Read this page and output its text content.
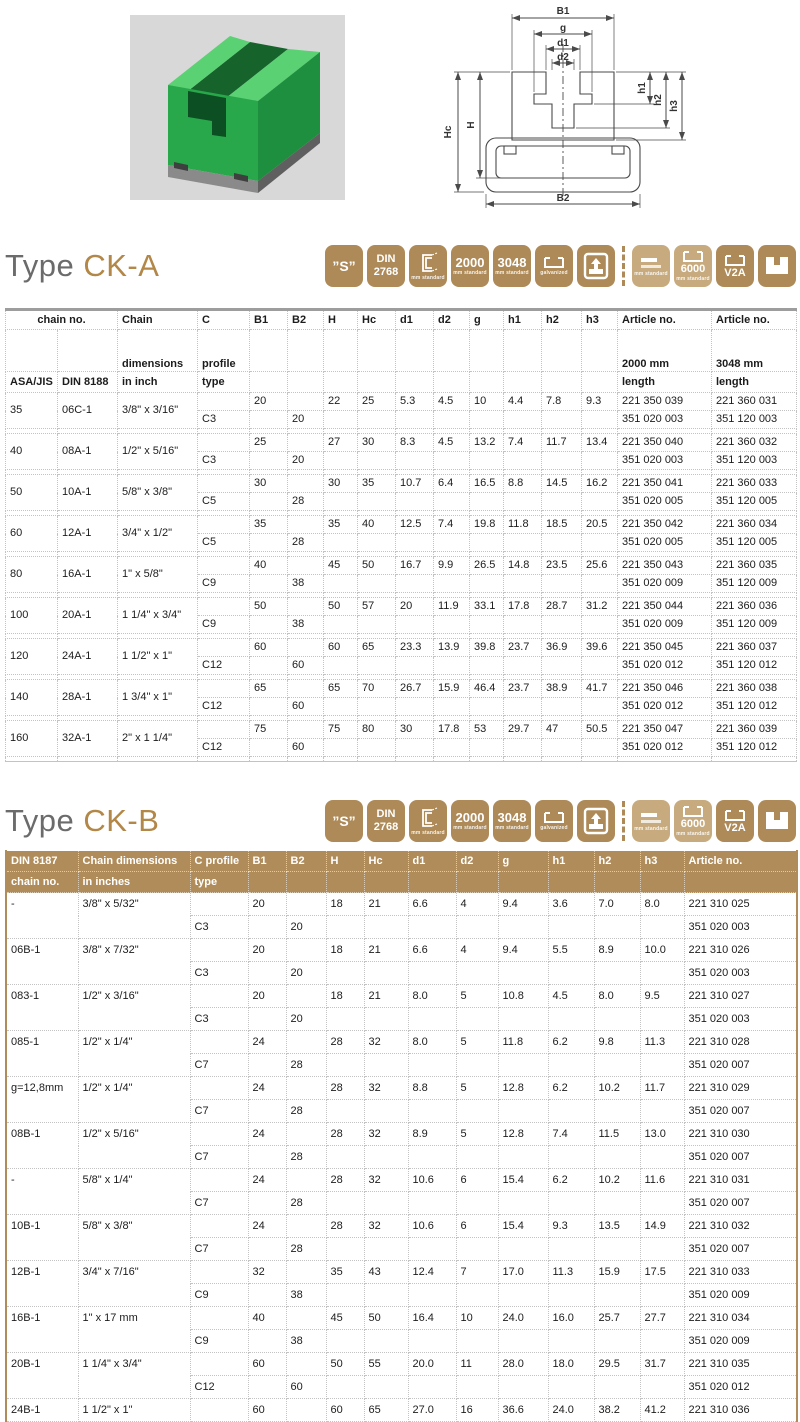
B1
g
d1
d2
Hc
H
h1
h2
h3
B2
Type CK-A	”S” DIN
2768	mm standard
2000
mm standard
3048
mm standard galvanized	mm standard 6000
mm standard
V2A
chain no.		Chain	C	B1	B2	H	Hc	d1	d2	g	h1	h2	h3	Article no.	Article no.
		dimensions	profile											2000 mm	3048 mm
ASA/JIS	DIN 8188	in inch	type											length	length
35	06C-1	3/8" x 3/16"		20		22	25	5.3	4.5	10	4.4	7.8	9.3	221 350 039	221 360 031
			C3		20									351 020 003	351 120 003

40	08A-1	1/2" x 5/16"		25		27	30	8.3	4.5	13.2	7.4	11.7	13.4	221 350 040	221 360 032
			C3		20									351 020 003	351 120 003

50	10A-1	5/8" x 3/8"		30		30	35	10.7	6.4	16.5	8.8	14.5	16.2	221 350 041	221 360 033
			C5		28									351 020 005	351 120 005

60	12A-1	3/4" x 1/2"		35		35	40	12.5	7.4	19.8	11.8	18.5	20.5	221 350 042	221 360 034
			C5		28									351 020 005	351 120 005

80	16A-1	1" x 5/8"		40		45	50	16.7	9.9	26.5	14.8	23.5	25.6	221 350 043	221 360 035
			C9		38									351 020 009	351 120 009

100	20A-1	1 1/4" x 3/4"		50		50	57	20	11.9	33.1	17.8	28.7	31.2	221 350 044	221 360 036
			C9		38									351 020 009	351 120 009

120	24A-1	1 1/2" x 1"		60		60	65	23.3	13.9	39.8	23.7	36.9	39.6	221 350 045	221 360 037
			C12		60									351 020 012	351 120 012

140	28A-1	1 3/4" x 1"		65		65	70	26.7	15.9	46.4	23.7	38.9	41.7	221 350 046	221 360 038
			C12		60									351 020 012	351 120 012

160	32A-1	2" x 1 1/4"		75		75	80	30	17.8	53	29.7	47	50.5	221 350 047	221 360 039
			C12		60									351 020 012	351 120 012

Type CK-B	”S” DIN
2768	mm standard
2000
mm standard
3048
mm standard galvanized	mm standard 6000
mm standard
V2A
DIN 8187	Chain dimensions	C profile	B1	B2	H	Hc	d1	d2	g	h1	h2	h3	Article no.
chain no.	in inches	type											
-	3/8" x 5/32"		20		18	21	6.6	4	9.4	3.6	7.0	8.0	221 310 025
		C3		20									351 020 003
06B-1	3/8" x 7/32"		20		18	21	6.6	4	9.4	5.5	8.9	10.0	221 310 026
		C3		20									351 020 003
083-1	1/2" x 3/16"		20		18	21	8.0	5	10.8	4.5	8.0	9.5	221 310 027
		C3		20									351 020 003
085-1	1/2" x 1/4"		24		28	32	8.0	5	11.8	6.2	9.8	11.3	221 310 028
		C7		28									351 020 007
g=12,8mm	1/2" x 1/4"		24		28	32	8.8	5	12.8	6.2	10.2	11.7	221 310 029
		C7		28									351 020 007
08B-1	1/2" x 5/16"		24		28	32	8.9	5	12.8	7.4	11.5	13.0	221 310 030
		C7		28									351 020 007
-	5/8" x 1/4"		24		28	32	10.6	6	15.4	6.2	10.2	11.6	221 310 031
		C7		28									351 020 007
10B-1	5/8" x 3/8"		24		28	32	10.6	6	15.4	9.3	13.5	14.9	221 310 032
		C7		28									351 020 007
12B-1	3/4" x 7/16"		32		35	43	12.4	7	17.0	11.3	15.9	17.5	221 310 033
		C9		38									351 020 009
16B-1	1" x 17 mm		40		45	50	16.4	10	24.0	16.0	25.7	27.7	221 310 034
		C9		38									351 020 009
20B-1	1 1/4" x 3/4"		60		50	55	20.0	11	28.0	18.0	29.5	31.7	221 310 035
		C12		60									351 020 012
24B-1	1 1/2" x 1"		60		60	65	27.0	16	36.6	24.0	38.2	41.2	221 310 036
